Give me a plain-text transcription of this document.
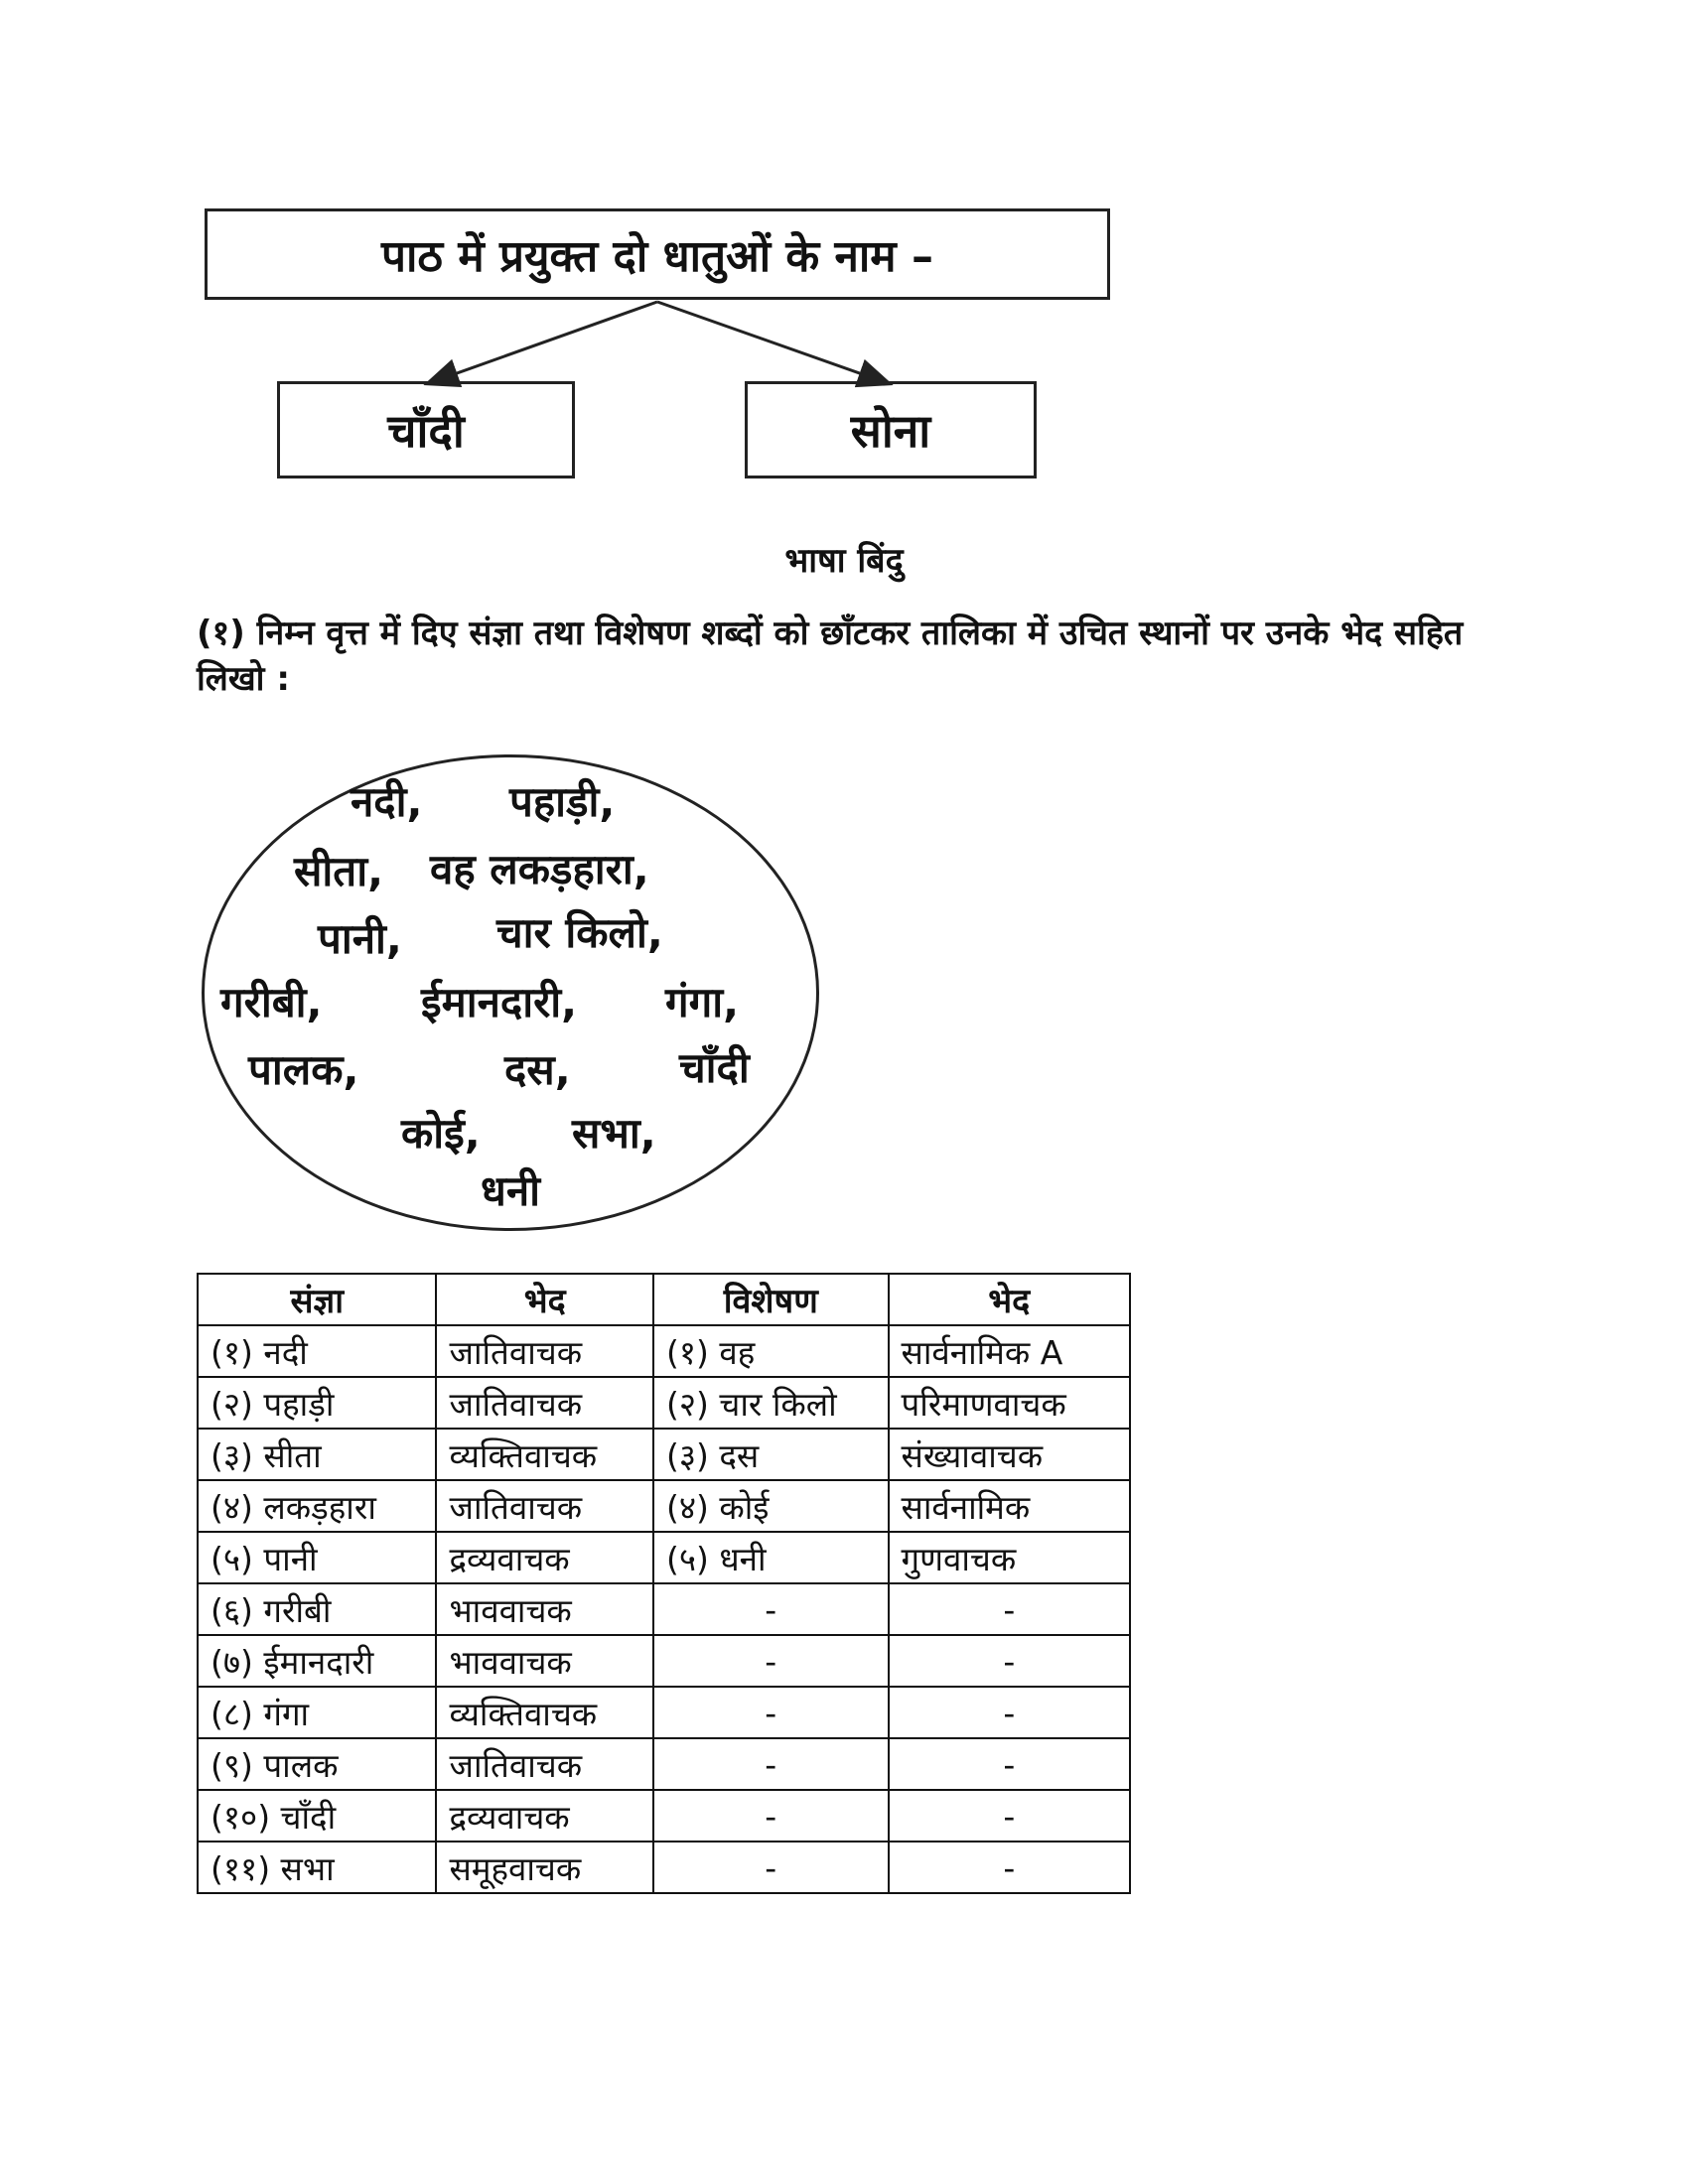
पाठ में प्रयुक्त दो धातुओं के नाम –
चाँदी	सोना
भाषा बिंदु
(१) निम्न वृत्त में दिए संज्ञा तथा विशेषण शब्दों को छाँटकर तालिका में उचित स्थानों पर उनके भेद सहित लिखो :
नदी, पहाड़ी,
सीता, वह लकड़हारा,
पानी, चार किलो,
गरीबी, ईमानदारी, गंगा,
पालक,	दस,	चाँदी
कोई, सभा,
धनी
संज्ञा	भेद	विशेषण	भेद
(१) नदी	जातिवाचक	(१) वह	सार्वनामिक A
(२) पहाड़ी	जातिवाचक	(२) चार किलो	परिमाणवाचक
(३) सीता	व्यक्तिवाचक	(३) दस	संख्यावाचक
(४) लकड़हारा	जातिवाचक	(४) कोई	सार्वनामिक
(५) पानी	द्रव्यवाचक	(५) धनी	गुणवाचक
(६) गरीबी	भाववाचक	-	-
(७) ईमानदारी	भाववाचक	-	-
(८) गंगा	व्यक्तिवाचक	-	-
(९) पालक	जातिवाचक	-	-
(१०) चाँदी	द्रव्यवाचक	-	-
(११) सभा	समूहवाचक	-	-
